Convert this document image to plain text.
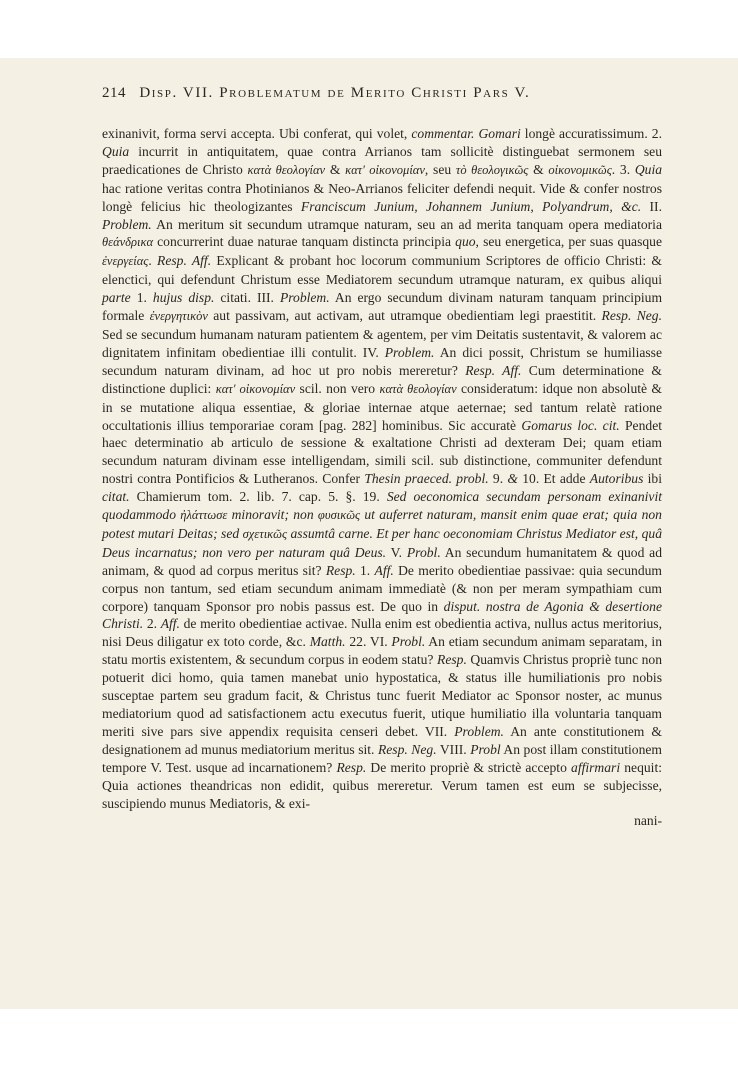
214 Disp. VII. Problematum de Merito Christi Pars V.

exinanivit, forma servi accepta. Ubi conferat, qui volet, commentar. Gomari longè accuratissimum. 2. Quia incurrit in antiquitatem, quae contra Arrianos tam sollicitè distinguebat sermonem seu praedicationes de Christo κατὰ θεολογίαν & κατ' οἰκονομίαν, seu τὸ θεολογικῶς & οἰκονομικῶς. 3. Quia hac ratione veritas contra Photinianos & Neo-Arrianos feliciter defendi nequit. Vide & confer nostros longè felicius hic theologizantes Franciscum Junium, Johannem Junium, Polyandrum, &c. II. Problem. An meritum sit secundum utramque naturam, seu an ad merita tanquam opera mediatoria θεάνδρικα concurrerint duae naturae tanquam distincta principia quo, seu energetica, per suas quasque ἐνεργείας. Resp. Aff. Explicant & probant hoc locorum communium Scriptores de officio Christi: & elenctici, qui defendunt Christum esse Mediatorem secundum utramque naturam, ex quibus aliqui parte 1. hujus disp. citati. III. Problem. An ergo secundum divinam naturam tanquam principium formale ἐνεργητικὸν aut passivam, aut activam, aut utramque obedientiam legi praestitit. Resp. Neg. Sed se secundum humanam naturam patientem & agentem, per vim Deitatis sustentavit, & valorem ac dignitatem infinitam obedientiae illi contulit. IV. Problem. An dici possit, Christum se humiliasse secundum naturam divinam, ad hoc ut pro nobis mereretur? Resp. Aff. Cum determinatione & distinctione duplici: κατ' οἰκονομίαν scil. non vero κατὰ θεολογίαν consideratum: idque non absolutè & in se mutatione aliqua essentiae, & gloriae internae atque aeternae; sed tantum relatè ratione occultationis illius temporariae coram [pag. 282] hominibus. Sic accuratè Gomarus loc. cit. Pendet haec determinatio ab articulo de sessione & exaltatione Christi ad dexteram Dei; quam etiam secundum naturam divinam esse intelligendam, simili scil. sub distinctione, communiter defendunt nostri contra Pontificios & Lutheranos. Confer Thesin praeced. probl. 9. & 10. Et adde Autoribus ibi citat. Chamierum tom. 2. lib. 7. cap. 5. §. 19. Sed oeconomica secundam personam exinanivit quodammodo ἠλάττωσε minoravit; non φυσικῶς ut auferret naturam, mansit enim quae erat; quia non potest mutari Deitas; sed σχετικῶς assumtâ carne. Et per hanc oeconomiam Christus Mediator est, quâ Deus incarnatus; non vero per naturam quâ Deus. V. Probl. An secundum humanitatem & quod ad animam, & quod ad corpus meritus sit? Resp. 1. Aff. De merito obedientiae passivae: quia secundum corpus non tantum, sed etiam secundum animam immediatè (& non per meram sympathiam cum corpore) tanquam Sponsor pro nobis passus est. De quo in disput. nostra de Agonia & desertione Christi. 2. Aff. de merito obedientiae activae. Nulla enim est obedientia activa, nullus actus meritorius, nisi Deus diligatur ex toto corde, &c. Matth. 22. VI. Probl. An etiam secundum animam separatam, in statu mortis existentem, & secundum corpus in eodem statu? Resp. Quamvis Christus propriè tunc non potuerit dici homo, quia tamen manebat unio hypostatica, & status ille humiliationis pro nobis susceptae partem seu gradum facit, & Christus tunc fuerit Mediator ac Sponsor noster, ac munus mediatorium quod ad satisfactionem actu executus fuerit, utique humiliatio illa voluntaria tanquam meriti sive pars sive appendix requisita censeri debet. VII. Problem. An ante constitutionem & designationem ad munus mediatorium meritus sit. Resp. Neg. VIII. Probl An post illam constitutionem tempore V. Test. usque ad incarnationem? Resp. De merito propriè & strictè accepto affirmari nequit: Quia actiones theandricas non edidit, quibus mereretur. Verum tamen est eum se subjecisse, suscipiendo munus Mediatoris, & exi-

nani-
